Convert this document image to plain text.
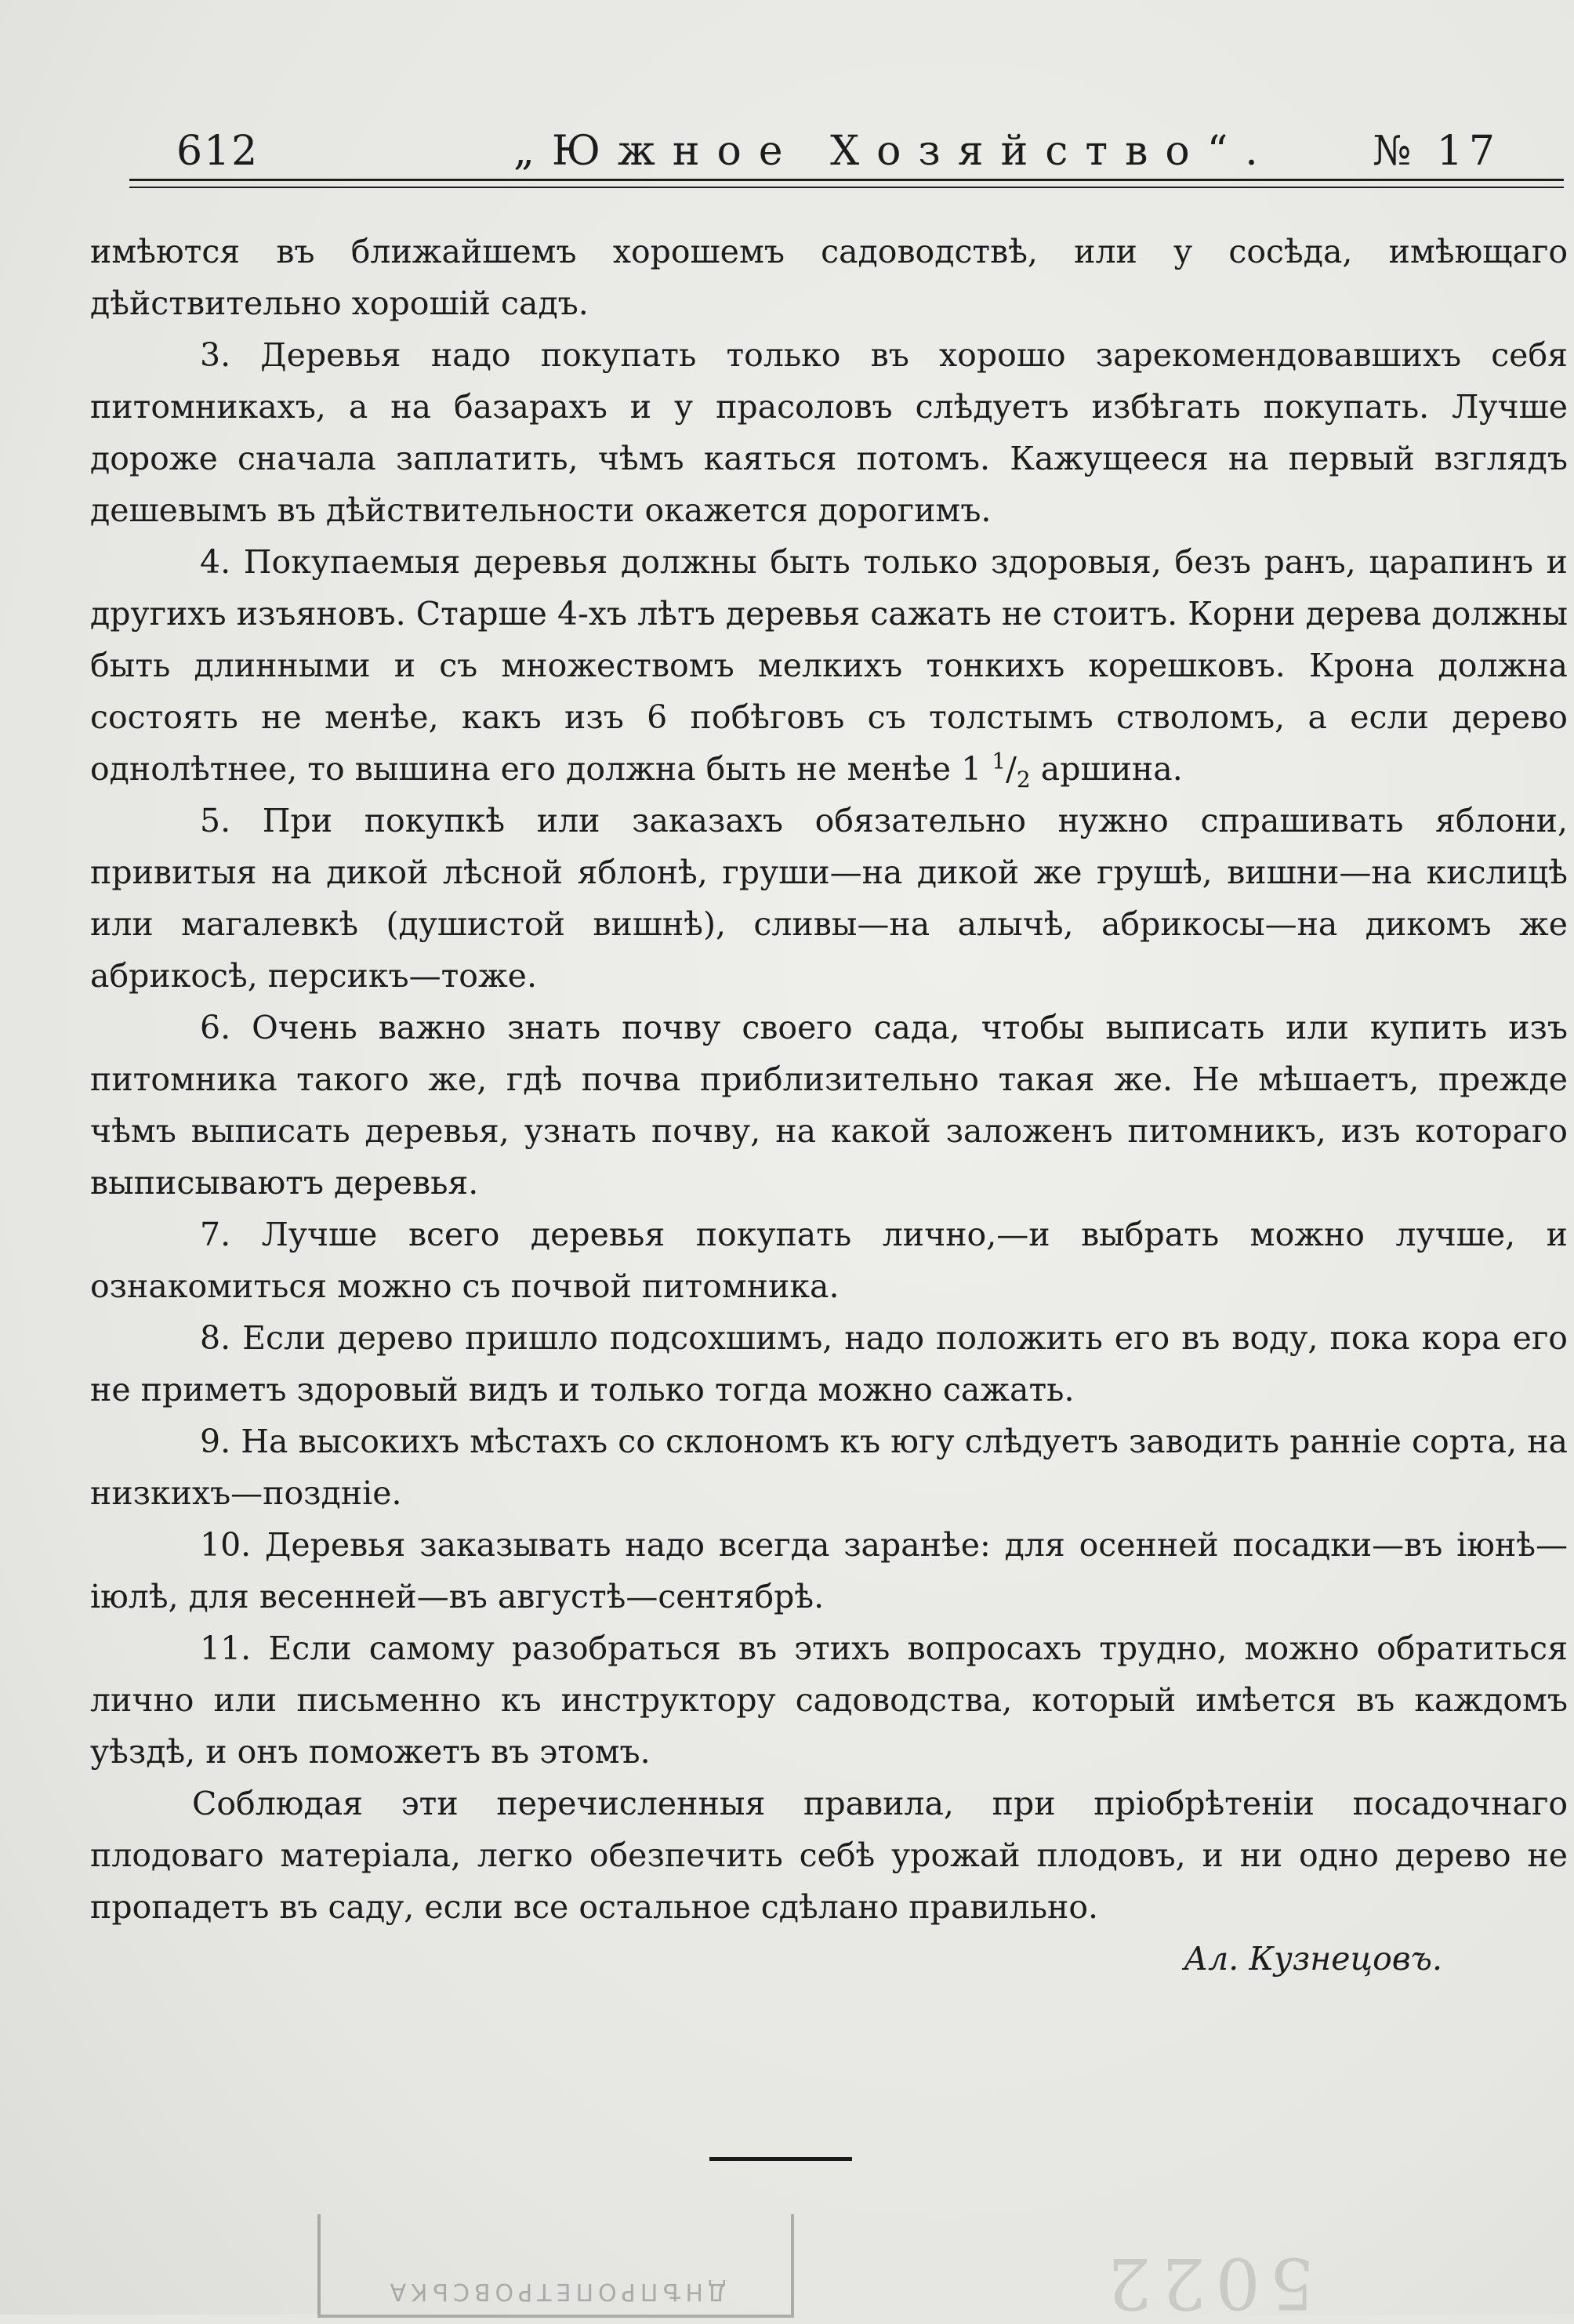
612	„Южное Хозяйство“. № 17

имѣются въ ближайшемъ хорошемъ садоводствѣ, или у сосѣда, имѣющаго дѣйствительно хорошій садъ.

3. Деревья надо покупать только въ хорошо зарекомендовавшихъ себя питомникахъ, а на базарахъ и у прасоловъ слѣдуетъ избѣгать покупать. Лучше дороже сначала заплатить, чѣмъ каяться потомъ. Кажущееся на первый взглядъ дешевымъ въ дѣйствительности окажется дорогимъ.

4. Покупаемыя деревья должны быть только здоровыя, безъ ранъ, царапинъ и другихъ изъяновъ. Старше 4-хъ лѣтъ деревья сажать не стоитъ. Корни дерева должны быть длинными и съ множествомъ мелкихъ тонкихъ корешковъ. Крона должна состоять не менѣе, какъ изъ 6 побѣговъ съ толстымъ стволомъ, а если дерево однолѣтнее, то вышина его должна быть не менѣе 1 $^1/_2$ аршина.

5. При покупкѣ или заказахъ обязательно нужно спрашивать яблони, привитыя на дикой лѣсной яблонѣ, груши—на дикой же грушѣ, вишни—на кислицѣ или магалевкѣ (душистой вишнѣ), сливы—на алычѣ, абрикосы—на дикомъ же абрикосѣ, персикъ—тоже.

6. Очень важно знать почву своего сада, чтобы выписать или купить изъ питомника такого же, гдѣ почва приблизительно такая же. Не мѣшаетъ, прежде чѣмъ выписать деревья, узнать почву, на какой заложенъ питомникъ, изъ котораго выписываютъ деревья.

7. Лучше всего деревья покупать лично,—и выбрать можно лучше, и ознакомиться можно съ почвой питомника.

8. Если дерево пришло подсохшимъ, надо положить его въ воду, пока кора его не приметъ здоровый видъ и только тогда можно сажать.

9. На высокихъ мѣстахъ со склономъ къ югу слѣдуетъ заводить ранніе сорта, на низкихъ—поздніе.

10. Деревья заказывать надо всегда заранѣе: для осенней посадки—въ іюнѣ—іюлѣ, для весенней—въ августѣ—сентябрѣ.

11. Если самому разобраться въ этихъ вопросахъ трудно, можно обратиться лично или письменно къ инструктору садоводства, который имѣется въ каждомъ уѣздѣ, и онъ поможетъ въ этомъ.

Соблюдая эти перечисленныя правила, при пріобрѣтеніи посадочнаго плодоваго матеріала, легко обезпечить себѣ урожай плодовъ, и ни одно дерево не пропадетъ въ саду, если все остальное сдѣлано правильно.

Ал. Кузнецовъ.

ДНѢПРОПЕТРОВСЬКА	5022
